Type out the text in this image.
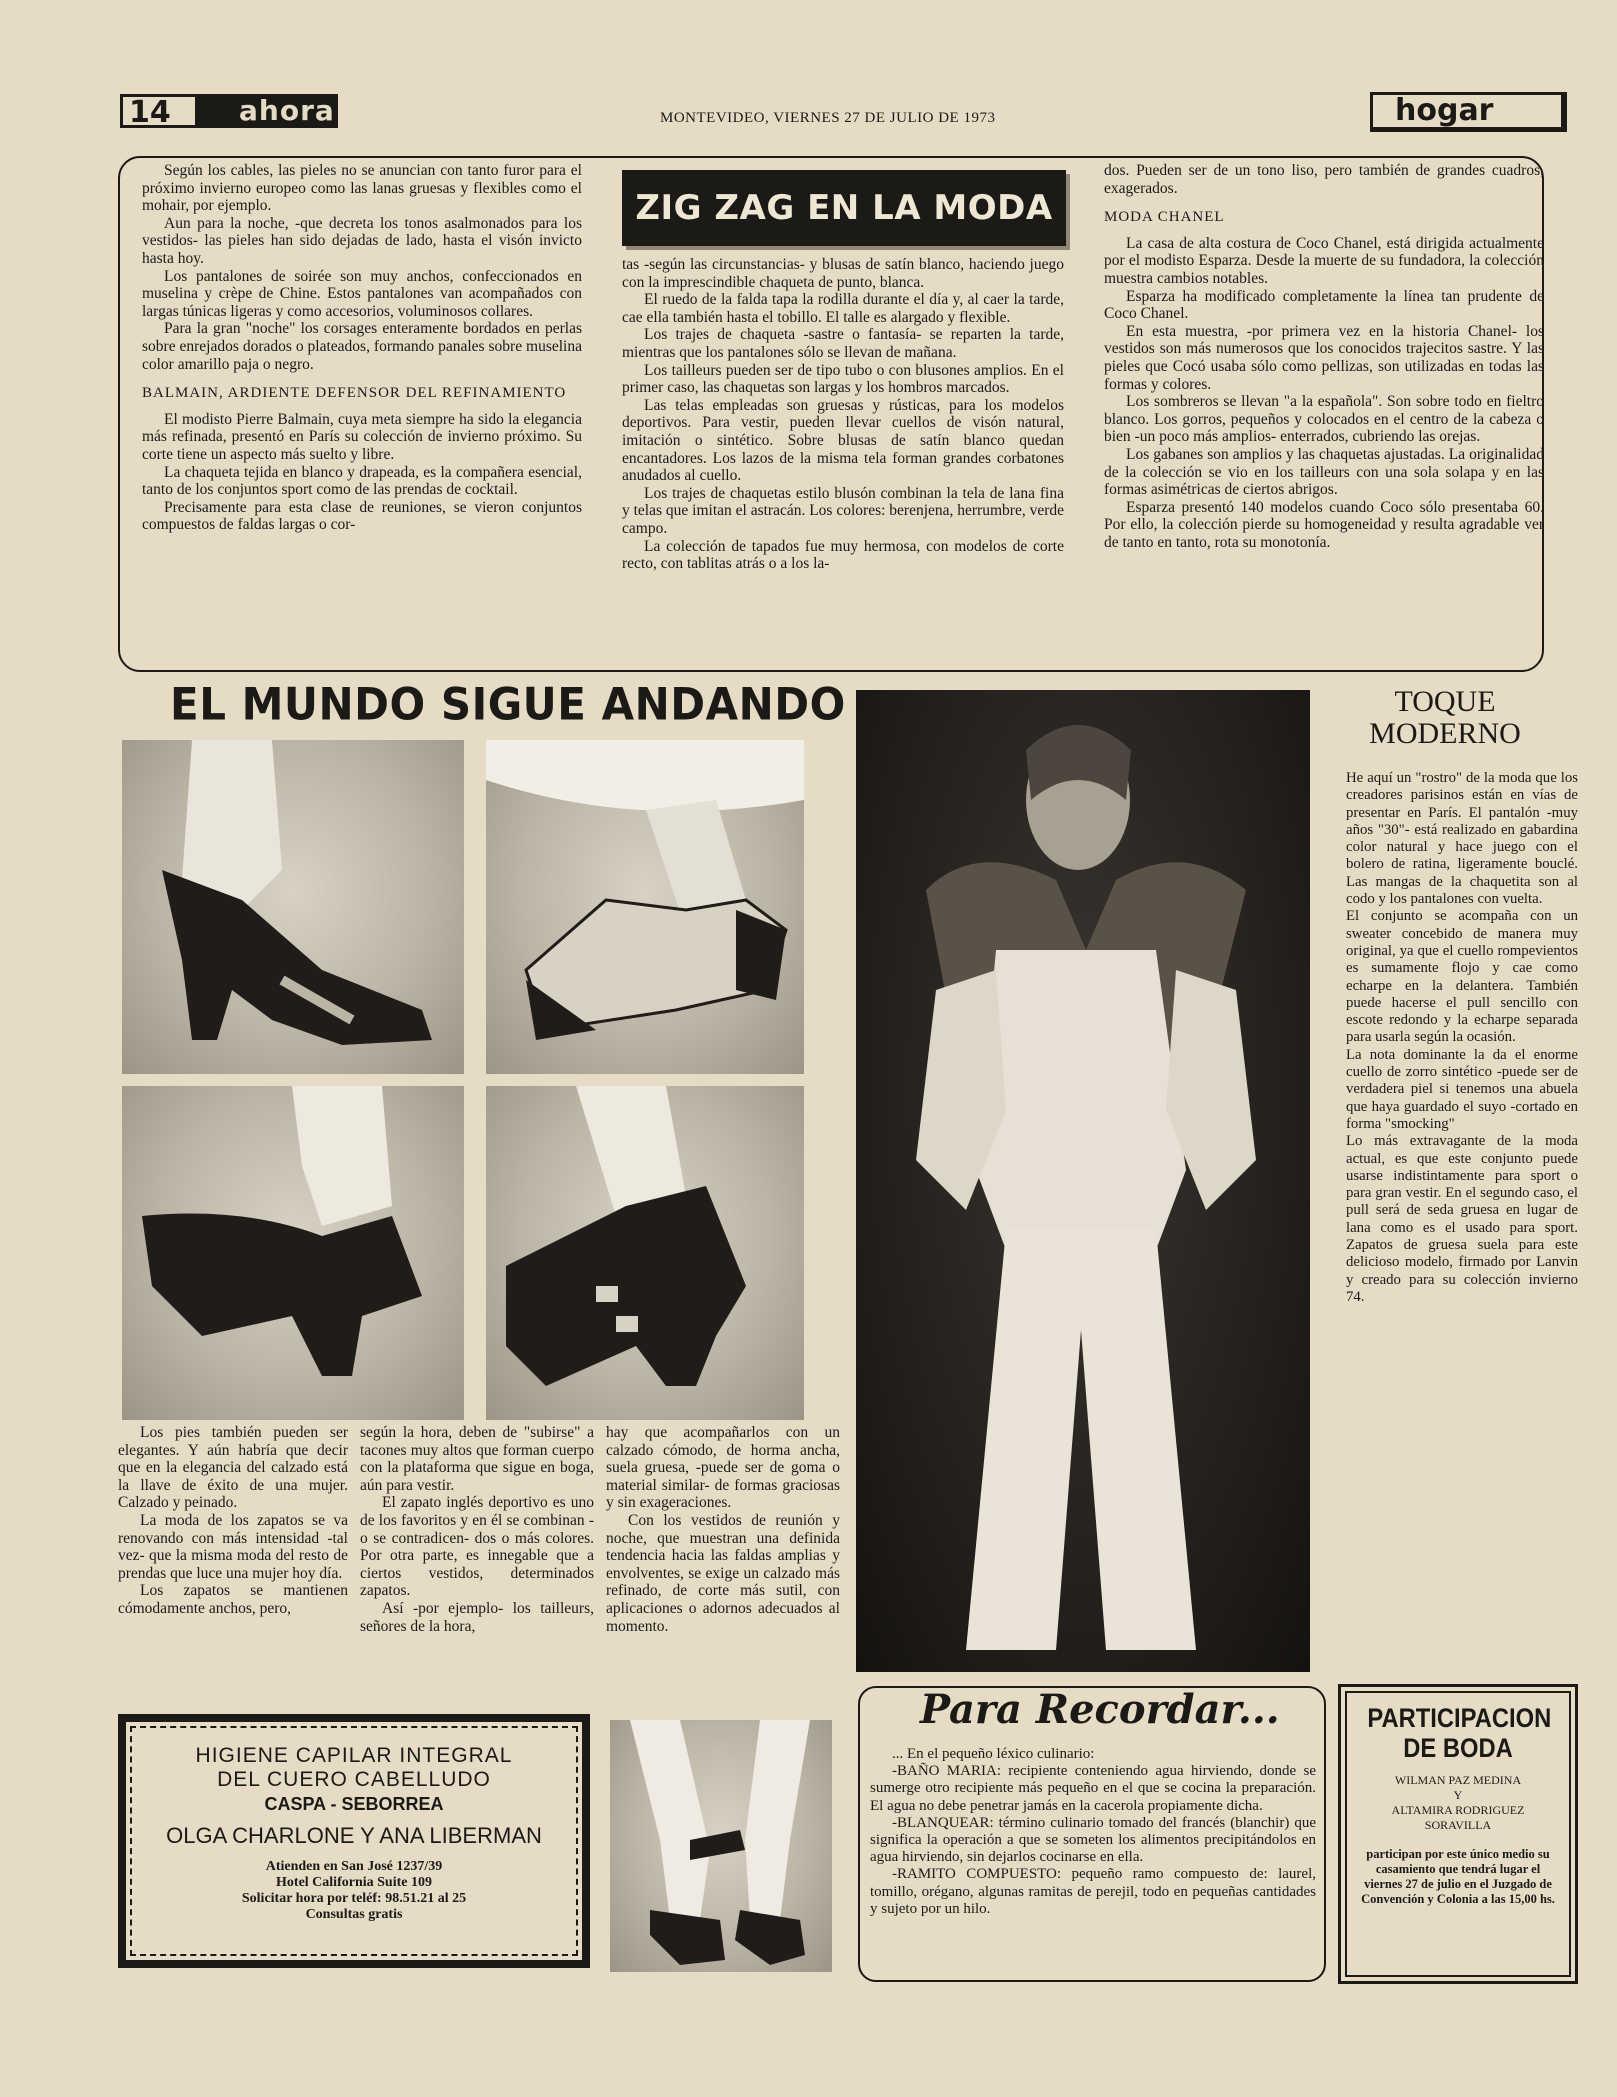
14 ahora	MONTEVIDEO, VIERNES 27 DE JULIO DE 1973	hogar

Según los cables, las pieles no se anuncian con tanto furor para el próximo invierno europeo como las lanas gruesas y flexibles como el mohair, por ejemplo.

Aun para la noche, -que decreta los tonos asalmonados para los vestidos- las pieles han sido dejadas de lado, hasta el visón invicto hasta hoy.

Los pantalones de soirée son muy anchos, confeccionados en muselina y crèpe de Chine. Estos pantalones van acompañados con largas túnicas ligeras y como accesorios, voluminosos collares.

Para la gran "noche" los corsages enteramente bordados en perlas sobre enrejados dorados o plateados, formando panales sobre muselina color amarillo paja o negro.

BALMAIN, ARDIENTE DEFENSOR DEL REFINAMIENTO

El modisto Pierre Balmain, cuya meta siempre ha sido la elegancia más refinada, presentó en París su colección de invierno próximo. Su corte tiene un aspecto más suelto y libre.

La chaqueta tejida en blanco y drapeada, es la compañera esencial, tanto de los conjuntos sport como de las prendas de cocktail.

Precisamente para esta clase de reuniones, se vieron conjuntos compuestos de faldas largas o cor-

ZIG ZAG EN LA MODA

tas -según las circunstancias- y blusas de satín blanco, haciendo juego con la imprescindible chaqueta de punto, blanca.

El ruedo de la falda tapa la rodilla durante el día y, al caer la tarde, cae ella también hasta el tobillo. El talle es alargado y flexible.

Los trajes de chaqueta -sastre o fantasía- se reparten la tarde, mientras que los pantalones sólo se llevan de mañana.

Los tailleurs pueden ser de tipo tubo o con blusones amplios. En el primer caso, las chaquetas son largas y los hombros marcados.

Las telas empleadas son gruesas y rústicas, para los modelos deportivos. Para vestir, pueden llevar cuellos de visón natural, imitación o sintético. Sobre blusas de satín blanco quedan encantadores. Los lazos de la misma tela forman grandes corbatones anudados al cuello.

Los trajes de chaquetas estilo blusón combinan la tela de lana fina y telas que imitan el astracán. Los colores: berenjena, herrumbre, verde campo.

La colección de tapados fue muy hermosa, con modelos de corte recto, con tablitas atrás o a los la-

dos. Pueden ser de un tono liso, pero también de grandes cuadros, exagerados.

MODA CHANEL

La casa de alta costura de Coco Chanel, está dirigida actualmente por el modisto Esparza. Desde la muerte de su fundadora, la colección muestra cambios notables.

Esparza ha modificado completamente la línea tan prudente de Coco Chanel.

En esta muestra, -por primera vez en la historia Chanel- los vestidos son más numerosos que los conocidos trajecitos sastre. Y las pieles que Cocó usaba sólo como pellizas, son utilizadas en todas las formas y colores.

Los sombreros se llevan "a la española". Son sobre todo en fieltro blanco. Los gorros, pequeños y colocados en el centro de la cabeza o bien -un poco más amplios- enterrados, cubriendo las orejas.

Los gabanes son amplios y las chaquetas ajustadas. La originalidad de la colección se vio en los tailleurs con una sola solapa y en las formas asimétricas de ciertos abrigos.

Esparza presentó 140 modelos cuando Coco sólo presentaba 60. Por ello, la colección pierde su homogeneidad y resulta agradable ver de tanto en tanto, rota su monotonía.

EL MUNDO SIGUE ANDANDO

Los pies también pueden ser elegantes. Y aún habría que decir que en la elegancia del calzado está la llave de éxito de una mujer. Calzado y peinado.

La moda de los zapatos se va renovando con más intensidad -tal vez- que la misma moda del resto de prendas que luce una mujer hoy día.

Los zapatos se mantienen cómodamente anchos, pero,

según la hora, deben de "subirse" a tacones muy altos que forman cuerpo con la plataforma que sigue en boga, aún para vestir.

El zapato inglés deportivo es uno de los favoritos y en él se combinan -o se contradicen- dos o más colores. Por otra parte, es innegable que a ciertos vestidos, determinados zapatos.

Así -por ejemplo- los tailleurs, señores de la hora,

hay que acompañarlos con un calzado cómodo, de horma ancha, suela gruesa, -puede ser de goma o material similar- de formas graciosas y sin exageraciones.

Con los vestidos de reunión y noche, que muestran una definida tendencia hacia las faldas amplias y envolventes, se exige un calzado más refinado, de corte más sutil, con aplicaciones o adornos adecuados al momento.

TOQUE
MODERNO

He aquí un "rostro" de la moda que los creadores parisinos están en vías de presentar en París. El pantalón -muy años "30"- está realizado en gabardina color natural y hace juego con el bolero de ratina, ligeramente bouclé. Las mangas de la chaquetita son al codo y los pantalones con vuelta.

El conjunto se acompaña con un sweater concebido de manera muy original, ya que el cuello rompevientos es sumamente flojo y cae como echarpe en la delantera. También puede hacerse el pull sencillo con escote redondo y la echarpe separada para usarla según la ocasión.

La nota dominante la da el enorme cuello de zorro sintético -puede ser de verdadera piel si tenemos una abuela que haya guardado el suyo -cortado en forma "smocking"

Lo más extravagante de la moda actual, es que este conjunto puede usarse indistintamente para sport o para gran vestir. En el segundo caso, el pull será de seda gruesa en lugar de lana como es el usado para sport. Zapatos de gruesa suela para este delicioso modelo, firmado por Lanvin y creado para su colección invierno 74.

HIGIENE CAPILAR INTEGRAL
DEL CUERO CABELLUDO
CASPA - SEBORREA
OLGA CHARLONE Y ANA LIBERMAN
Atienden en San José 1237/39
Hotel California Suite 109
Solicitar hora por teléf: 98.51.21 al 25
Consultas gratis
Para Recordar...

... En el pequeño léxico culinario:

-BAÑO MARIA: recipiente conteniendo agua hirviendo, donde se sumerge otro recipiente más pequeño en el que se cocina la preparación. El agua no debe penetrar jamás en la cacerola propiamente dicha.

-BLANQUEAR: término culinario tomado del francés (blanchir) que significa la operación a que se someten los alimentos precipitándolos en agua hirviendo, sin dejarlos cocinarse en ella.

-RAMITO COMPUESTO: pequeño ramo compuesto de: laurel, tomillo, orégano, algunas ramitas de perejil, todo en pequeñas cantidades y sujeto por un hilo.

PARTICIPACION
DE BODA
WILMAN PAZ MEDINA
Y
ALTAMIRA RODRIGUEZ
SORAVILLA
participan por este único medio su casamiento que tendrá lugar el viernes 27 de julio en el Juzgado de Convención y Colonia a las 15,00 hs.
